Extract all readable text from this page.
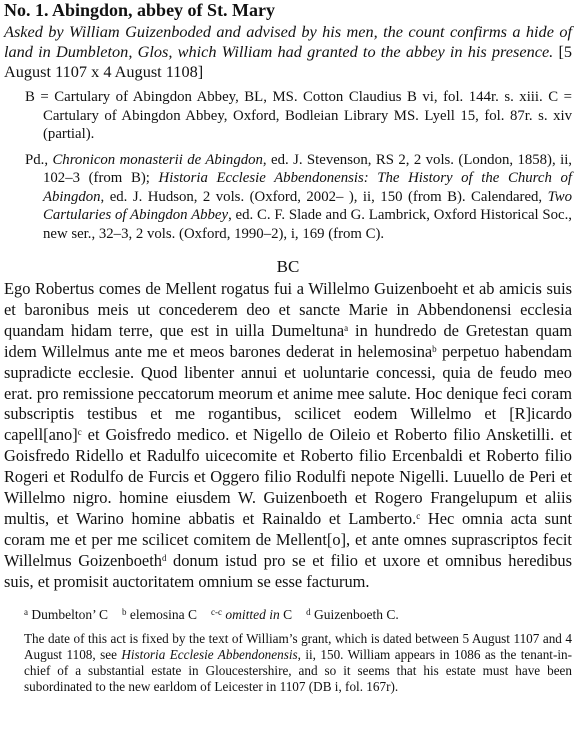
No. 1. Abingdon, abbey of St. Mary

Asked by William Guizenboded and advised by his men, the count confirms a hide of land in Dumbleton, Glos, which William had granted to the abbey in his presence. [5 August 1107 x 4 August 1108]

B = Cartulary of Abingdon Abbey, BL, MS. Cotton Claudius B vi, fol. 144r. s. xiii. C = Cartulary of Abingdon Abbey, Oxford, Bodleian Library MS. Lyell 15, fol. 87r. s. xiv (partial).

Pd., Chronicon monasterii de Abingdon, ed. J. Stevenson, RS 2, 2 vols. (London, 1858), ii, 102–3 (from B); Historia Ecclesie Abbendonensis: The History of the Church of Abingdon, ed. J. Hudson, 2 vols. (Oxford, 2002– ), ii, 150 (from B). Calendared, Two Cartularies of Abingdon Abbey, ed. C. F. Slade and G. Lambrick, Oxford Historical Soc., new ser., 32–3, 2 vols. (Oxford, 1990–2), i, 169 (from C).

BC

Ego Robertus comes de Mellent rogatus fui a Willelmo Guizenboeht et ab amicis suis et baronibus meis ut concederem deo et sancte Marie in Abbendonensi ecclesia quandam hidam terre, que est in uilla Dumeltuna$^a$ in hundredo de Gretestan quam idem Willelmus ante me et meos barones dederat in helemosina$^b$ perpetuo habendam supradicte ecclesie. Quod libenter annui et uoluntarie concessi, quia de feudo meo erat. pro remissione peccatorum meorum et anime mee salute. Hoc denique feci coram subscriptis testibus et me rogantibus, scilicet eodem Willelmo et [R]icardo capell[ano]$^c$ et Goisfredo medico. et Nigello de Oileio et Roberto filio Ansketilli. et Goisfredo Ridello et Radulfo uicecomite et Roberto filio Ercenbaldi et Roberto filio Rogeri et Rodulfo de Furcis et Oggero filio Rodulfi nepote Nigelli. Luuello de Peri et Willelmo nigro. homine eiusdem W. Guizenboeth et Rogero Frangelupum et aliis multis, et Warino homine abbatis et Rainaldo et Lamberto.$^c$ Hec omnia acta sunt coram me et per me scilicet comitem de Mellent[o], et ante omnes suprascriptos fecit Willelmus Goizenboeth$^d$ donum istud pro se et filio et uxore et omnibus heredibus suis, et promisit auctoritatem omnium se esse facturum.

$^a$ Dumbelton’ C $^b$ elemosina C $^{c-c}$ omitted in C $^d$ Guizenboeth C.

The date of this act is fixed by the text of William’s grant, which is dated between 5 August 1107 and 4 August 1108, see Historia Ecclesie Abbendonensis, ii, 150. William appears in 1086 as the tenant-in-chief of a substantial estate in Gloucestershire, and so it seems that his estate must have been subordinated to the new earldom of Leicester in 1107 (DB i, fol. 167r).
